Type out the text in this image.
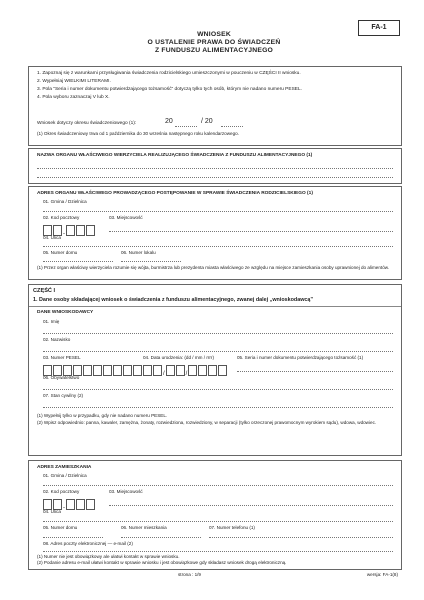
FA-1
WNIOSEK
O USTALENIE PRAWA DO ŚWIADCZEŃ
Z FUNDUSZU ALIMENTACYJNEGO
1. Zapoznaj się z warunkami przysługiwania świadczenia rodzicielskiego umieszczonymi w pouczeniu w CZĘŚCI II wniosku.
2. Wypełniaj WIELKIMI LITERAMI.
3. Pola "Seria i numer dokumentu potwierdzającego tożsamość" dotyczą tylko tych osób, którym nie nadano numeru PESEL.
4. Pola wyboru zaznaczaj V lub X.
Wniosek dotyczy okresu świadczeniowego (1):	20	/ 20
(1) Okres świadczeniowy trwa od 1 października do 30 września następnego roku kalendarzowego.
NAZWA ORGANU WŁAŚCIWEGO WIERZYCIELA REALIZUJĄCEGO ŚWIADCZENIA Z FUNDUSZU ALIMENTACYJNEGO (1)
ADRES ORGANU WŁAŚCIWEGO PROWADZĄCEGO POSTĘPOWANIE W SPRAWIE ŚWIADCZENIA RODZICIELSKIEGO (1)
01. Gmina / Dzielnica
02. Kod pocztowy
-
03. Miejscowość
04. Ulica
05. Numer domu	06. Numer lokalu
(1) Przez organ właściwy wierzyciela rozumie się wójta, burmistrza lub prezydenta miasta właściwego ze względu na miejsce zamieszkania osoby uprawnionej do alimentów.
CZĘŚĆ I
1. Dane osoby składającej wniosek o świadczenia z funduszu alimentacyjnego, zwanej dalej „wnioskodawcą”
DANE WNIOSKODAWCY
01. Imię
02. Nazwisko
03. Numer PESEL	04. Data urodzenia: (dd / mm / rrrr)
/	/
05. Seria i numer dokumentu potwierdzającego tożsamość (1)
06. Obywatelstwo
07. Stan cywilny (2)
(1) Wypełnij tylko w przypadku, gdy nie nadano numeru PESEL.
(2) Wpisz odpowiednio: panna, kawaler, zamężna, żonaty, rozwiedziona, rozwiedziony, w separacji (tylko orzeczonej prawomocnym wyrokiem sądu), wdowa, wdowiec.
ADRES ZAMIESZKANIA
01. Gmina / Dzielnica
02. Kod pocztowy
-
03. Miejscowość
04. Ulica
05. Numer domu	06. Numer mieszkania	07. Numer telefonu (1)
08. Adres poczty elektronicznej — e-mail (2)
(1) Numer nie jest obowiązkowy ale ułatwi kontakt w sprawie wniosku.
(2) Podanie adresu e-mail ułatwi kontakt w sprawie wniosku i jest obowiązkowe gdy składasz wniosek drogą elektroniczną.
strona : 1/9	wersja: FA-1(8)
